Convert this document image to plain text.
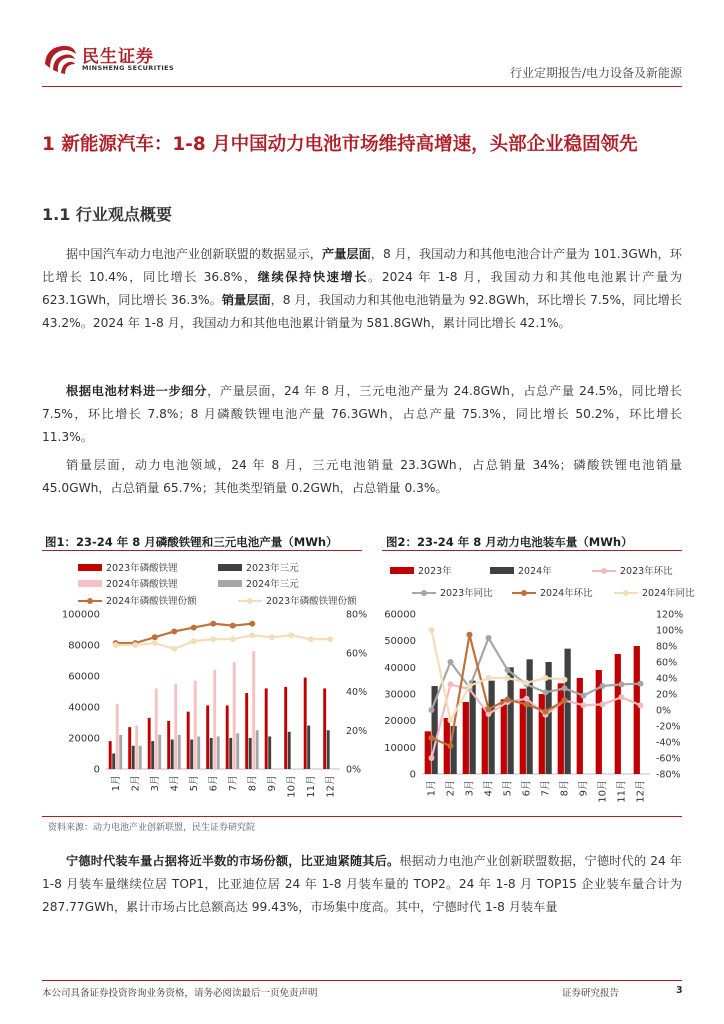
民生证券
MINSHENG SECURITIES	行业定期报告/电力设备及新能源
1 新能源汽车：1-8 月中国动力电池市场维持高增速，头部企业稳固领先
1.1 行业观点概要

据中国汽车动力电池产业创新联盟的数据显示，产量层面，8 月，我国动力和其他电池合计产量为 101.3GWh，环比增长 10.4%，同比增长 36.8%，继续保持快速增长。2024 年 1-8 月，我国动力和其他电池累计产量为 623.1GWh，同比增长 36.3%。销量层面，8 月，我国动力和其他电池销量为 92.8GWh，环比增长 7.5%，同比增长 43.2%。2024 年 1-8 月，我国动力和其他电池累计销量为 581.8GWh，累计同比增长 42.1%。

根据电池材料进一步细分，产量层面，24 年 8 月，三元电池产量为 24.8GWh，占总产量 24.5%，同比增长 7.5%，环比增长 7.8%；8 月磷酸铁锂电池产量 76.3GWh，占总产量 75.3%，同比增长 50.2%，环比增长 11.3%。

销量层面，动力电池领域，24 年 8 月，三元电池销量 23.3GWh，占总销量 34%；磷酸铁锂电池销量 45.0GWh，占总销量 65.7%；其他类型销量 0.2GWh，占总销量 0.3%。

图1：23-24 年 8 月磷酸铁锂和三元电池产量（MWh）	图2：23-24 年 8 月动力电池装车量（MWh）
2023年磷酸铁锂	2023年三元
2024年磷酸铁锂	2024年三元
2024年磷酸铁锂份额	2023年磷酸铁锂份额
0
20000
40000
60000
80000
100000
0%
20%
40%
60%
80%
1月 2月 3月 4月 5月 6月 7月 8月 9月 10月 11月 12月
2023年	2024年	2023年环比
2023年同比	2024年环比	2024年同比
0
10000
20000
30000
40000
50000
60000
-80%
-60%
-40%
-20%
0%
20%
40%
60%
80%
100%
120%
1月 2月 3月 4月 5月 6月 7月 8月 9月 10月 11月 12月
资料来源：动力电池产业创新联盟，民生证券研究院

宁德时代装车量占据将近半数的市场份额，比亚迪紧随其后。根据动力电池产业创新联盟数据，宁德时代的 24 年 1-8 月装车量继续位居 TOP1，比亚迪位居 24 年 1-8 月装车量的 TOP2。24 年 1-8 月 TOP15 企业装车量合计为 287.77GWh，累计市场占比总额高达 99.43%，市场集中度高。其中，宁德时代 1-8 月装车量

本公司具备证券投资咨询业务资格，请务必阅读最后一页免责声明	证券研究报告	3
